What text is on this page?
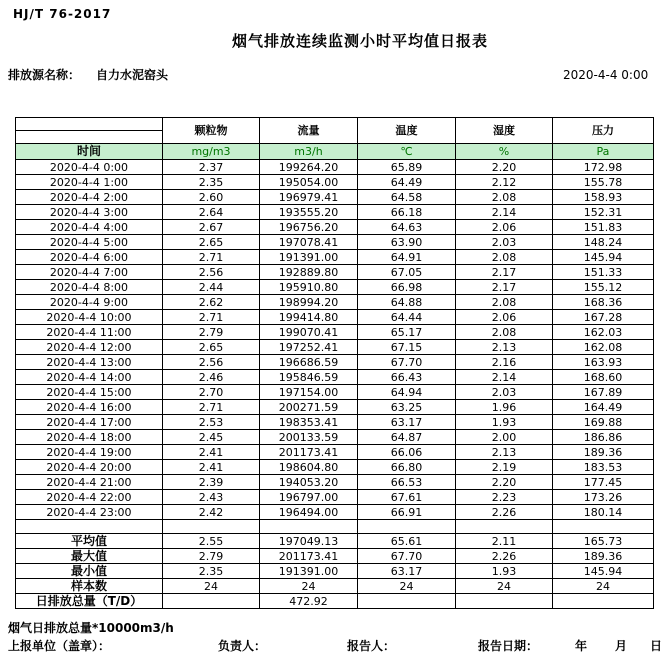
HJ/T 76-2017
烟气排放连续监测小时平均值日报表
排放源名称： 自力水泥窑头	2020-4-4 0:00
	颗粒物	流量	温度	湿度	压力

时间	mg/m3	m3/h	℃	%	Pa
2020-4-4 0:00	2.37	199264.20	65.89	2.20	172.98
2020-4-4 1:00	2.35	195054.00	64.49	2.12	155.78
2020-4-4 2:00	2.60	196979.41	64.58	2.08	158.93
2020-4-4 3:00	2.64	193555.20	66.18	2.14	152.31
2020-4-4 4:00	2.67	196756.20	64.63	2.06	151.83
2020-4-4 5:00	2.65	197078.41	63.90	2.03	148.24
2020-4-4 6:00	2.71	191391.00	64.91	2.08	145.94
2020-4-4 7:00	2.56	192889.80	67.05	2.17	151.33
2020-4-4 8:00	2.44	195910.80	66.98	2.17	155.12
2020-4-4 9:00	2.62	198994.20	64.88	2.08	168.36
2020-4-4 10:00	2.71	199414.80	64.44	2.06	167.28
2020-4-4 11:00	2.79	199070.41	65.17	2.08	162.03
2020-4-4 12:00	2.65	197252.41	67.15	2.13	162.08
2020-4-4 13:00	2.56	196686.59	67.70	2.16	163.93
2020-4-4 14:00	2.46	195846.59	66.43	2.14	168.60
2020-4-4 15:00	2.70	197154.00	64.94	2.03	167.89
2020-4-4 16:00	2.71	200271.59	63.25	1.96	164.49
2020-4-4 17:00	2.53	198353.41	63.17	1.93	169.88
2020-4-4 18:00	2.45	200133.59	64.87	2.00	186.86
2020-4-4 19:00	2.41	201173.41	66.06	2.13	189.36
2020-4-4 20:00	2.41	198604.80	66.80	2.19	183.53
2020-4-4 21:00	2.39	194053.20	66.53	2.20	177.45
2020-4-4 22:00	2.43	196797.00	67.61	2.23	173.26
2020-4-4 23:00	2.42	196494.00	66.91	2.26	180.14

平均值	2.55	197049.13	65.61	2.11	165.73
最大值	2.79	201173.41	67.70	2.26	189.36
最小值	2.35	191391.00	63.17	1.93	145.94
样本数	24	24	24	24	24
日排放总量（T/D）		472.92			
烟气日排放总量*10000m3/h
上报单位（盖章）：	负责人：	报告人：	报告日期：	年 月 日
